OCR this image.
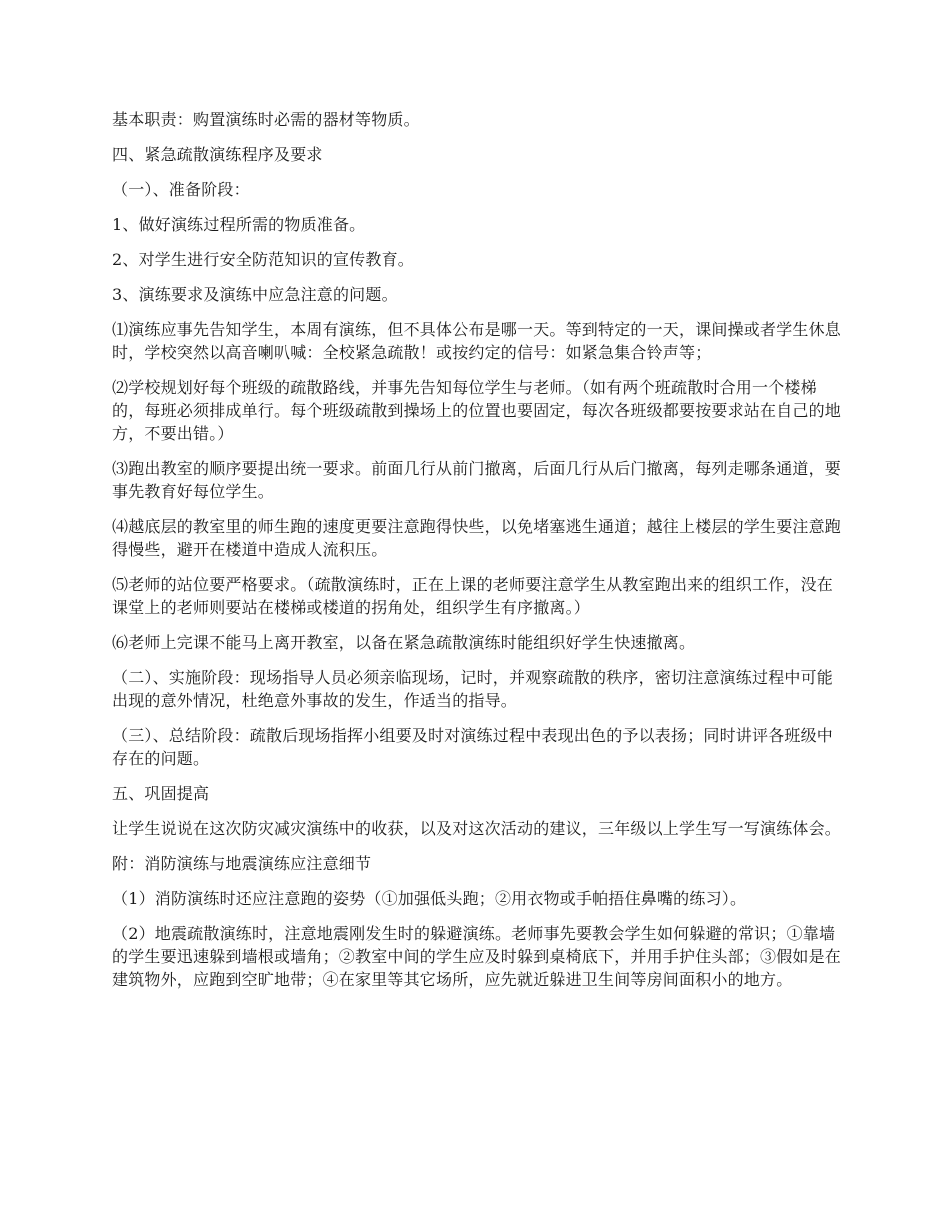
基本职责：购置演练时必需的器材等物质。

四、紧急疏散演练程序及要求

（一）、准备阶段：

1、做好演练过程所需的物质准备。

2、对学生进行安全防范知识的宣传教育。

3、演练要求及演练中应急注意的问题。

⑴演练应事先告知学生，本周有演练，但不具体公布是哪一天。等到特定的一天，课间操或者学生休息时，学校突然以高音喇叭喊：全校紧急疏散！或按约定的信号：如紧急集合铃声等；

⑵学校规划好每个班级的疏散路线，并事先告知每位学生与老师。（如有两个班疏散时合用一个楼梯的，每班必须排成单行。每个班级疏散到操场上的位置也要固定，每次各班级都要按要求站在自己的地方，不要出错。）

⑶跑出教室的顺序要提出统一要求。前面几行从前门撤离，后面几行从后门撤离，每列走哪条通道，要事先教育好每位学生。

⑷越底层的教室里的师生跑的速度更要注意跑得快些，以免堵塞逃生通道；越往上楼层的学生要注意跑得慢些，避开在楼道中造成人流积压。

⑸老师的站位要严格要求。（疏散演练时，正在上课的老师要注意学生从教室跑出来的组织工作，没在课堂上的老师则要站在楼梯或楼道的拐角处，组织学生有序撤离。）

⑹老师上完课不能马上离开教室，以备在紧急疏散演练时能组织好学生快速撤离。

（二）、实施阶段：现场指导人员必须亲临现场，记时，并观察疏散的秩序，密切注意演练过程中可能出现的意外情况，杜绝意外事故的发生，作适当的指导。

（三）、总结阶段：疏散后现场指挥小组要及时对演练过程中表现出色的予以表扬；同时讲评各班级中存在的问题。

五、巩固提高

让学生说说在这次防灾减灾演练中的收获，以及对这次活动的建议，三年级以上学生写一写演练体会。

附：消防演练与地震演练应注意细节

（1）消防演练时还应注意跑的姿势（①加强低头跑；②用衣物或手帕捂住鼻嘴的练习）。

（2）地震疏散演练时，注意地震刚发生时的躲避演练。老师事先要教会学生如何躲避的常识；①靠墙的学生要迅速躲到墙根或墙角；②教室中间的学生应及时躲到桌椅底下，并用手护住头部；③假如是在建筑物外，应跑到空旷地带；④在家里等其它场所，应先就近躲进卫生间等房间面积小的地方。
